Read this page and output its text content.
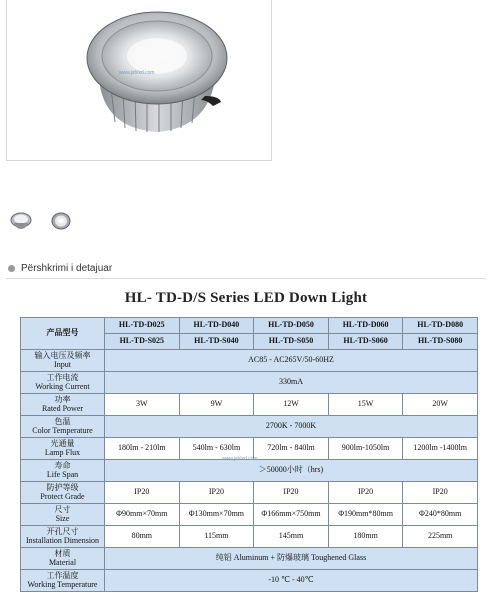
www.jshlxd.com
Përshkrimi i detajuar
HL- TD-D/S Series LED Down Light
产品型号	HL-TD-D025	HL-TD-D040	HL-TD-D050	HL-TD-D060	HL-TD-D080
	HL-TD-S025	HL-TD-S040	HL-TD-S050	HL-TD-S060	HL-TD-S080

输入电压及频率
Input	AC85 - AC265V/50-60HZ				

工作电流
Working Current	330mA				

功率
Rated Power	3W	9W	12W	15W	20W

色温
Color Temperature	2700K - 7000K				

光通量
Lamp Flux	180lm - 210lm	540lm - 630lm	720lm - 840lm	900lm-1050lm	1200lm -1400lm

寿命
Life Span	＞50000小时（hrs)				

防护等级
Protect Grade	IP20	IP20	IP20	IP20	IP20

尺寸
Size	Φ90mm×70mm	Φ130mm×70mm	Φ166mm×750mm	Φ190mm*80mm	Φ240*80mm

开孔尺寸
Installation Dimension	80mm	115mm	145mm	180mm	225mm

材质
Material	纯铝 Aluminum + 防爆玻璃 Toughened Glass				

工作温度
Working Temperature	-10 ℃ - 40℃				
www.jshlxd.com
